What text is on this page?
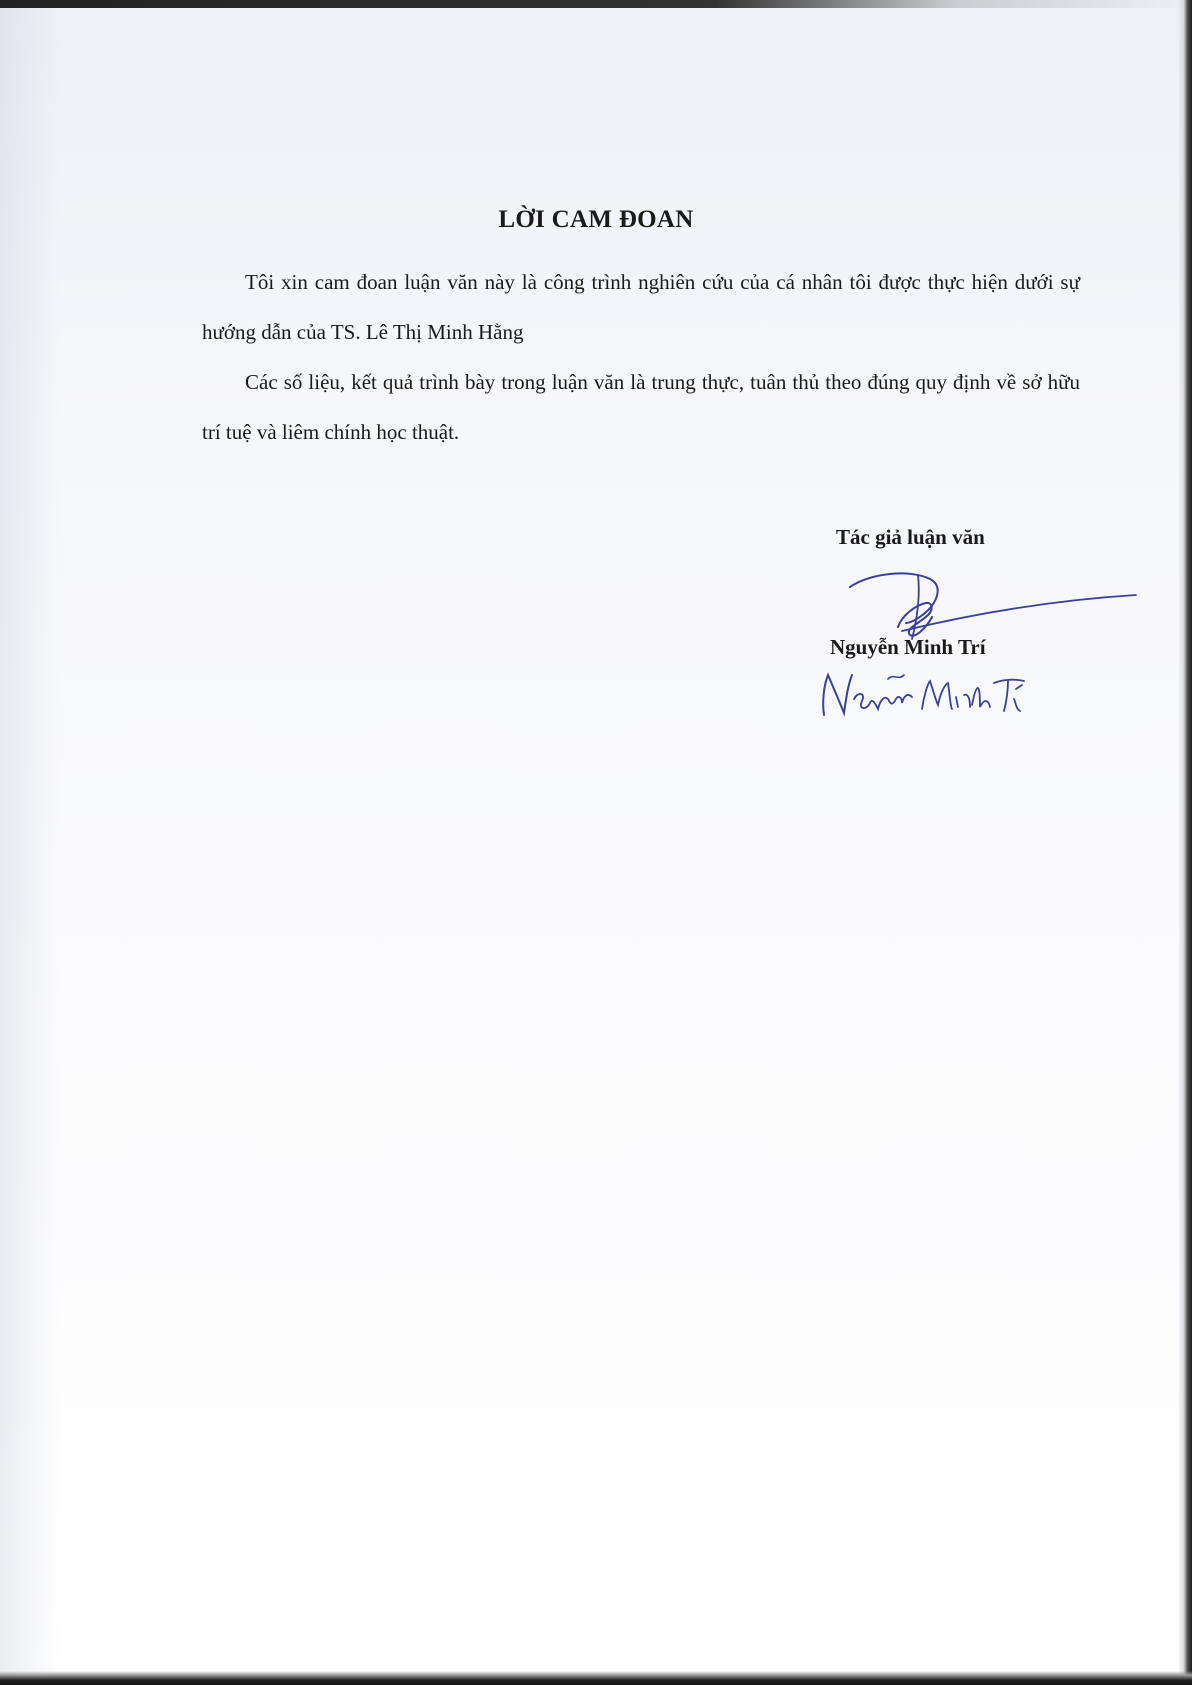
LỜI CAM ĐOAN

Tôi xin cam đoan luận văn này là công trình nghiên cứu của cá nhân tôi được thực hiện dưới sự hướng dẫn của TS. Lê Thị Minh Hằng

Các số liệu, kết quả trình bày trong luận văn là trung thực, tuân thủ theo đúng quy định về sở hữu trí tuệ và liêm chính học thuật.

Tác giả luận văn
Nguyễn Minh Trí
